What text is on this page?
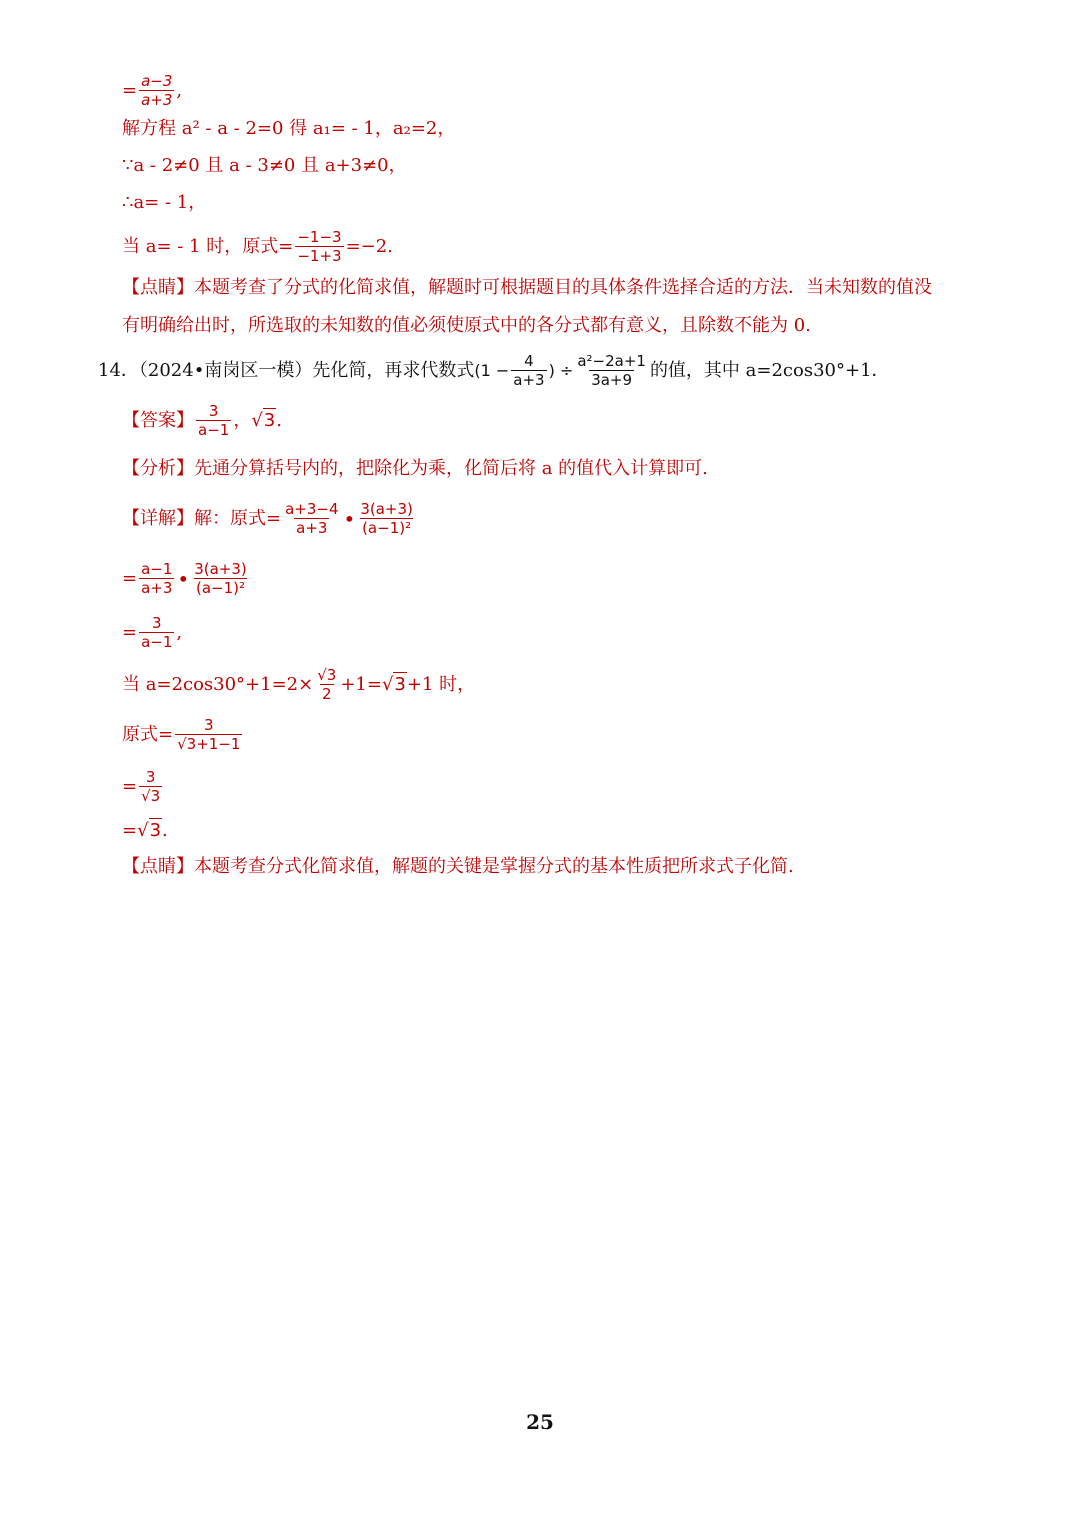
= $\frac{a-3}{a+3}$ ,
解方程 a² - a - 2=0 得 a₁= - 1，a₂=2，
∵a - 2≠0 且 a - 3≠0 且 a+3≠0，
∴a= - 1，
当 a= - 1 时，原式= $\frac{-1-3}{-1+3} =-2$.
【点睛】本题考查了分式的化简求值，解题时可根据题目的具体条件选择合适的方法．当未知数的值没
有明确给出时，所选取的未知数的值必须使原式中的各分式都有意义，且除数不能为 0.
14．（2024•南岗区一模）先化简，再求代数式 ($1 - \frac{4}{a+3}$ ) ÷ $\frac{\text{a²−2a+1}}{3a+9}$ 的值，其中 a=2cos30°+1．
【答案】 $\frac{3}{a-1}$ ， √ 3 .
【分析】先通分算括号内的，把除化为乘，化简后将 a 的值代入计算即可.
【详解】解：原式= $\frac{a+3-4}{a+3}$ • $\frac{3(a+3)}{\text{(a−1)²}}$
= $\frac{a-1}{a+3}$ • $\frac{3(a+3)}{\text{(a−1)²}}$
= $\frac{3}{a-1}$ ,
当 $a=2\cos 30^\circ+1=2\times \frac{√3}{2} +1=$ √ 3 +1 时，
原式= $\frac{3}{√3+1-1}$
= $\frac{3}{√3}$
= √ 3 .
【点睛】本题考查分式化简求值，解题的关键是掌握分式的基本性质把所求式子化简.
25
